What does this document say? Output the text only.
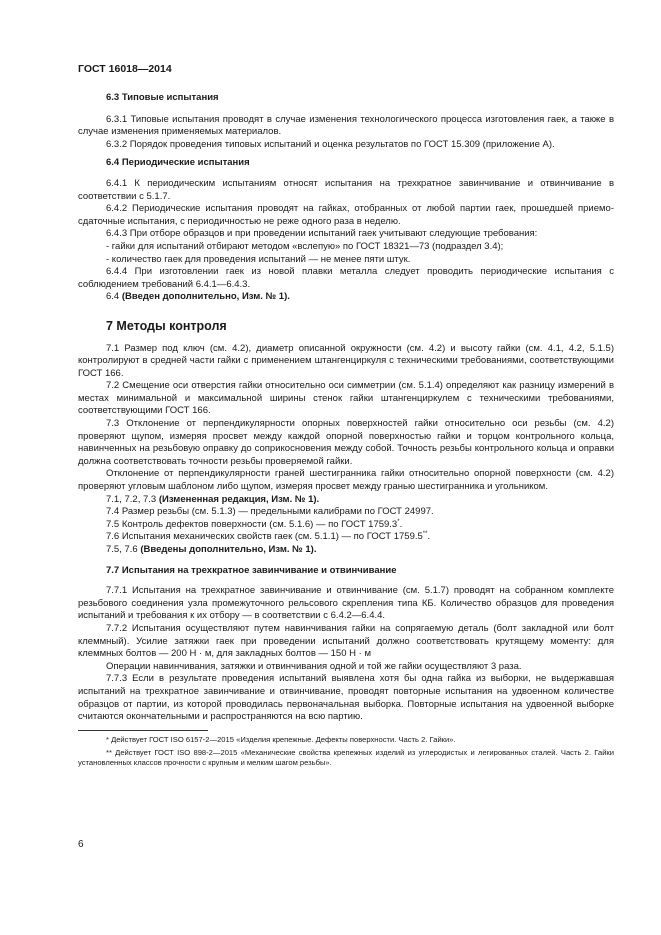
ГОСТ 16018—2014

6.3 Типовые испытания

6.3.1 Типовые испытания проводят в случае изменения технологического процесса изготовления гаек, а также в случае изменения применяемых материалов.

6.3.2 Порядок проведения типовых испытаний и оценка результатов по ГОСТ 15.309 (приложение А).

6.4 Периодические испытания

6.4.1 К периодическим испытаниям относят испытания на трехкратное завинчивание и отвинчивание в соответствии с 5.1.7.

6.4.2 Периодические испытания проводят на гайках, отобранных от любой партии гаек, прошедшей приемо-сдаточные испытания, с периодичностью не реже одного раза в неделю.

6.4.3 При отборе образцов и при проведении испытаний гаек учитывают следующие требования:

- гайки для испытаний отбирают методом «вслепую» по ГОСТ 18321—73 (подраздел 3.4);

- количество гаек для проведения испытаний — не менее пяти штук.

6.4.4 При изготовлении гаек из новой плавки металла следует проводить периодические испытания с соблюдением требований 6.4.1—6.4.3.

6.4 (Введен дополнительно, Изм. № 1).

7 Методы контроля

7.1 Размер под ключ (см. 4.2), диаметр описанной окружности (см. 4.2) и высоту гайки (см. 4.1, 4.2, 5.1.5) контролируют в средней части гайки с применением штангенциркуля с техническими требованиями, соответствующими ГОСТ 166.

7.2 Смещение оси отверстия гайки относительно оси симметрии (см. 5.1.4) определяют как разницу измерений в местах минимальной и максимальной ширины стенок гайки штангенциркулем с техническими требованиями, соответствующими ГОСТ 166.

7.3 Отклонение от перпендикулярности опорных поверхностей гайки относительно оси резьбы (см. 4.2) проверяют щупом, измеряя просвет между каждой опорной поверхностью гайки и торцом контрольного кольца, навинченных на резьбовую оправку до соприкосновения между собой. Точность резьбы контрольного кольца и оправки должна соответствовать точности резьбы проверяемой гайки.

Отклонение от перпендикулярности граней шестигранника гайки относительно опорной поверхности (см. 4.2) проверяют угловым шаблоном либо щупом, измеряя просвет между гранью шестигранника и угольником.

7.1, 7.2, 7.3 (Измененная редакция, Изм. № 1).

7.4 Размер резьбы (см. 5.1.3) — предельными калибрами по ГОСТ 24997.

7.5 Контроль дефектов поверхности (см. 5.1.6) — по ГОСТ 1759.3*.

7.6 Испытания механических свойств гаек (см. 5.1.1) — по ГОСТ 1759.5**.

7.5, 7.6 (Введены дополнительно, Изм. № 1).

7.7 Испытания на трехкратное завинчивание и отвинчивание

7.7.1 Испытания на трехкратное завинчивание и отвинчивание (см. 5.1.7) проводят на собранном комплекте резьбового соединения узла промежуточного рельсового скрепления типа КБ. Количество образцов для проведения испытаний и требования к их отбору — в соответствии с 6.4.2—6.4.4.

7.7.2 Испытания осуществляют путем навинчивания гайки на сопрягаемую деталь (болт закладной или болт клеммный). Усилие затяжки гаек при проведении испытаний должно соответствовать крутящему моменту: для клеммных болтов — 200 Н · м, для закладных болтов — 150 Н · м

Операции навинчивания, затяжки и отвинчивания одной и той же гайки осуществляют 3 раза.

7.7.3 Если в результате проведения испытаний выявлена хотя бы одна гайка из выборки, не выдержавшая испытаний на трехкратное завинчивание и отвинчивание, проводят повторные испытания на удвоенном количестве образцов от партии, из которой проводилась первоначальная выборка. Повторные испытания на удвоенной выборке считаются окончательными и распространяются на всю партию.

* Действует ГОСТ ISO 6157-2—2015 «Изделия крепежные. Дефекты поверхности. Часть 2. Гайки».

** Действует ГОСТ ISO 898-2—2015 «Механические свойства крепежных изделий из углеродистых и легированных сталей. Часть 2. Гайки установленных классов прочности с крупным и мелким шагом резьбы».

6
